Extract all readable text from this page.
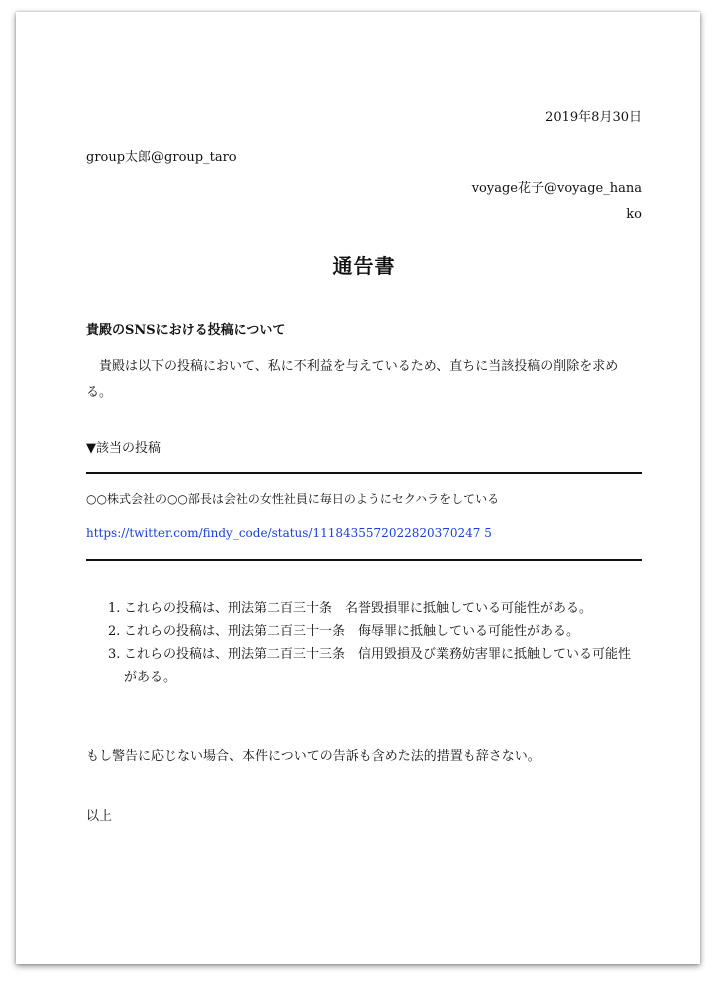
2019年8月30日
group太郎@group_taro
voyage花子@voyage_hana
ko
通告書
貴殿のSNSにおける投稿について
貴殿は以下の投稿において、私に不利益を与えているため、直ちに当該投稿の削除を求める。
▼該当の投稿
○○株式会社の○○部長は会社の女性社員に毎日のようにセクハラをしている
https://twitter.com/findy_code/status/1118435572022820370247 5
1. これらの投稿は、刑法第二百三十条　名誉毀損罪に抵触している可能性がある。
2. これらの投稿は、刑法第二百三十一条　侮辱罪に抵触している可能性がある。
3. これらの投稿は、刑法第二百三十三条　信用毀損及び業務妨害罪に抵触している可能性がある。
もし警告に応じない場合、本件についての告訴も含めた法的措置も辞さない。
以上
